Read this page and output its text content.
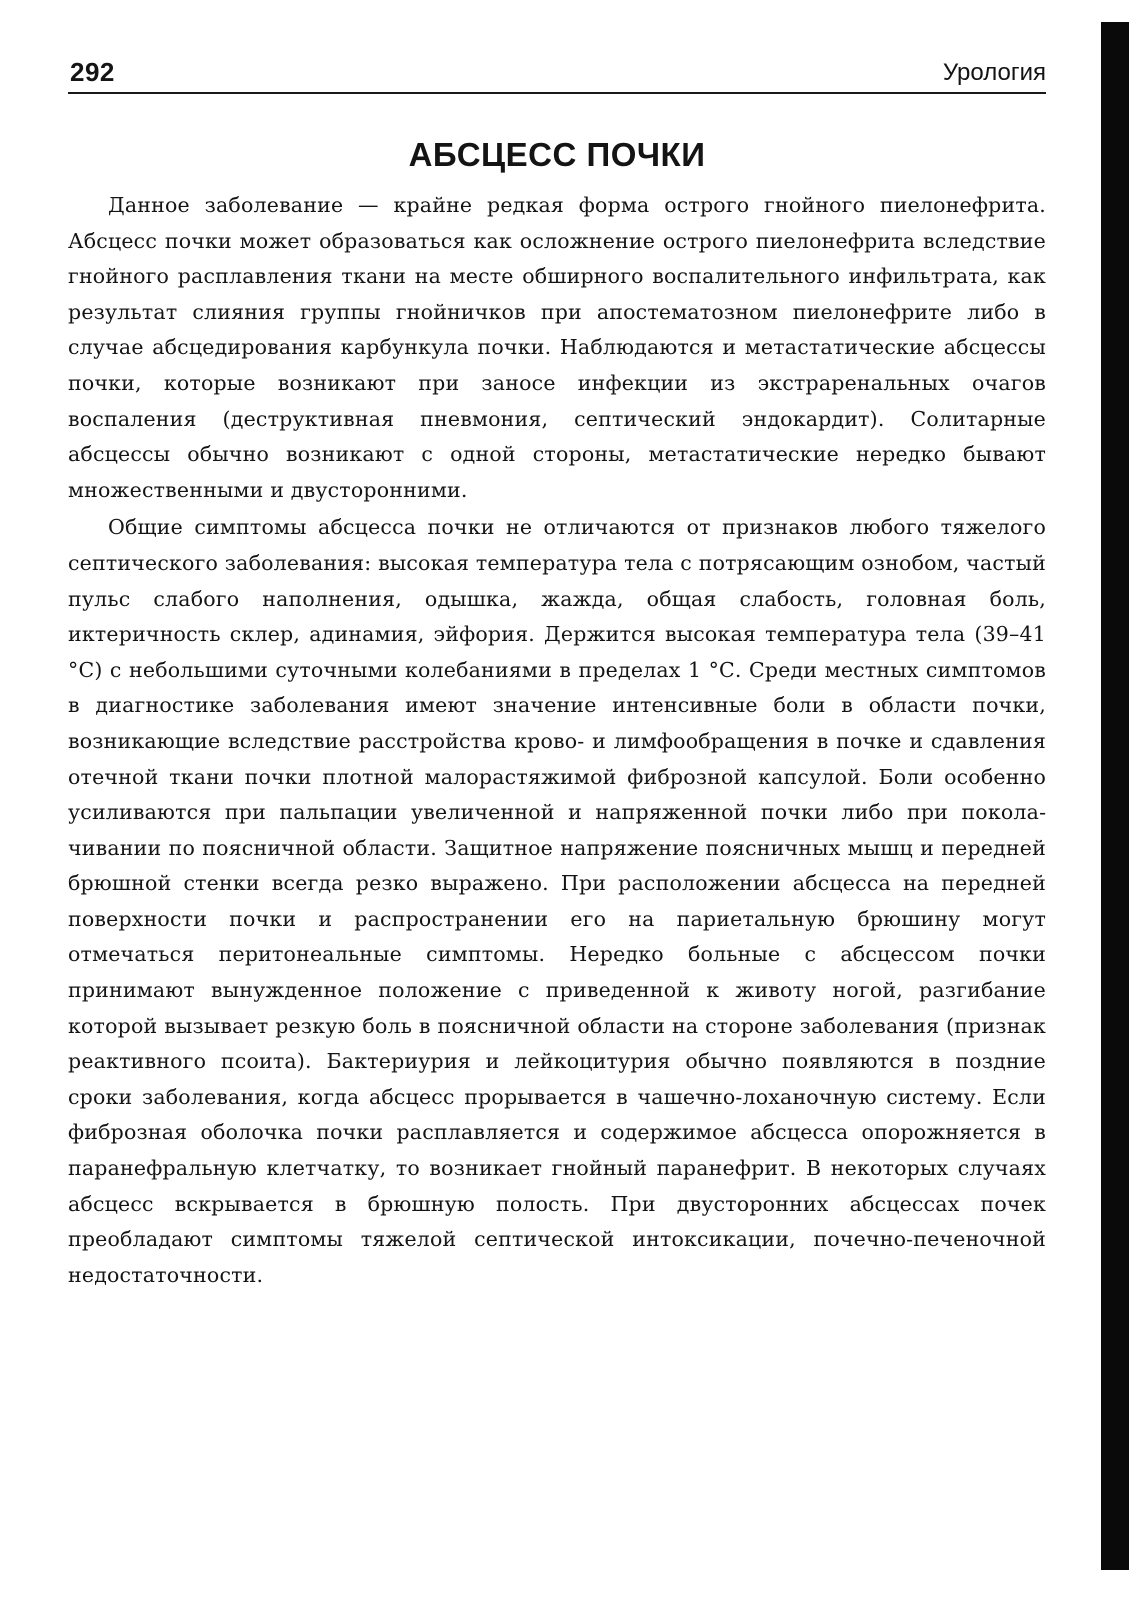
292	Урология
АБСЦЕСС ПОЧКИ

Данное заболевание — крайне редкая форма острого гнойного пиелонефрита. Абсцесс почки может образоваться как осложнение острого пиелонефрита вследствие гнойного расплавления ткани на месте обширного воспалительного инфильтрата, как результат слияния группы гнойничков при апостематозном пиелонефрите либо в случае абсцедирования карбункула почки. Наблюдаются и метастатические абсцессы почки, которые возникают при заносе инфекции из экстраренальных очагов воспаления (деструктивная пневмония, септический эндокардит). Солитарные абсцессы обычно возникают с одной стороны, метастатические нередко бывают множественными и двусторонними.

Общие симптомы абсцесса почки не отличаются от признаков любого тяжелого септического заболевания: высокая температура тела с потрясающим ознобом, частый пульс слабого наполнения, одышка, жажда, общая слабость, головная боль, иктеричность склер, адинамия, эйфория. Держится высокая температура тела (39–41 °С) с небольшими суточными колебаниями в пределах 1 °С. Среди местных симптомов в диагностике заболевания имеют значение интенсивные боли в области почки, возникающие вследствие расстройства крово- и лимфообращения в почке и сдавления отечной ткани почки плотной малорастяжимой фиброзной капсулой. Боли особенно усиливаются при пальпации увеличенной и напряженной почки либо при поколачивании по поясничной области. Защитное напряжение поясничных мышц и передней брюшной стенки всегда резко выражено. При расположении абсцесса на передней поверхности почки и распространении его на париетальную брюшину могут отмечаться перитонеальные симптомы. Нередко больные с абсцессом почки принимают вынужденное положение с приведенной к животу ногой, разгибание которой вызывает резкую боль в поясничной области на стороне заболевания (признак реактивного псоита). Бактериурия и лейкоцитурия обычно появляются в поздние сроки заболевания, когда абсцесс прорывается в чашечно-лоханочную систему. Если фиброзная оболочка почки расплавляется и содержимое абсцесса опорожняется в паранефральную клетчатку, то возникает гнойный паранефрит. В некоторых случаях абсцесс вскрывается в брюшную полость. При двусторонних абсцессах почек преобладают симптомы тяжелой септической интоксикации, почечно-печеночной недостаточности.
